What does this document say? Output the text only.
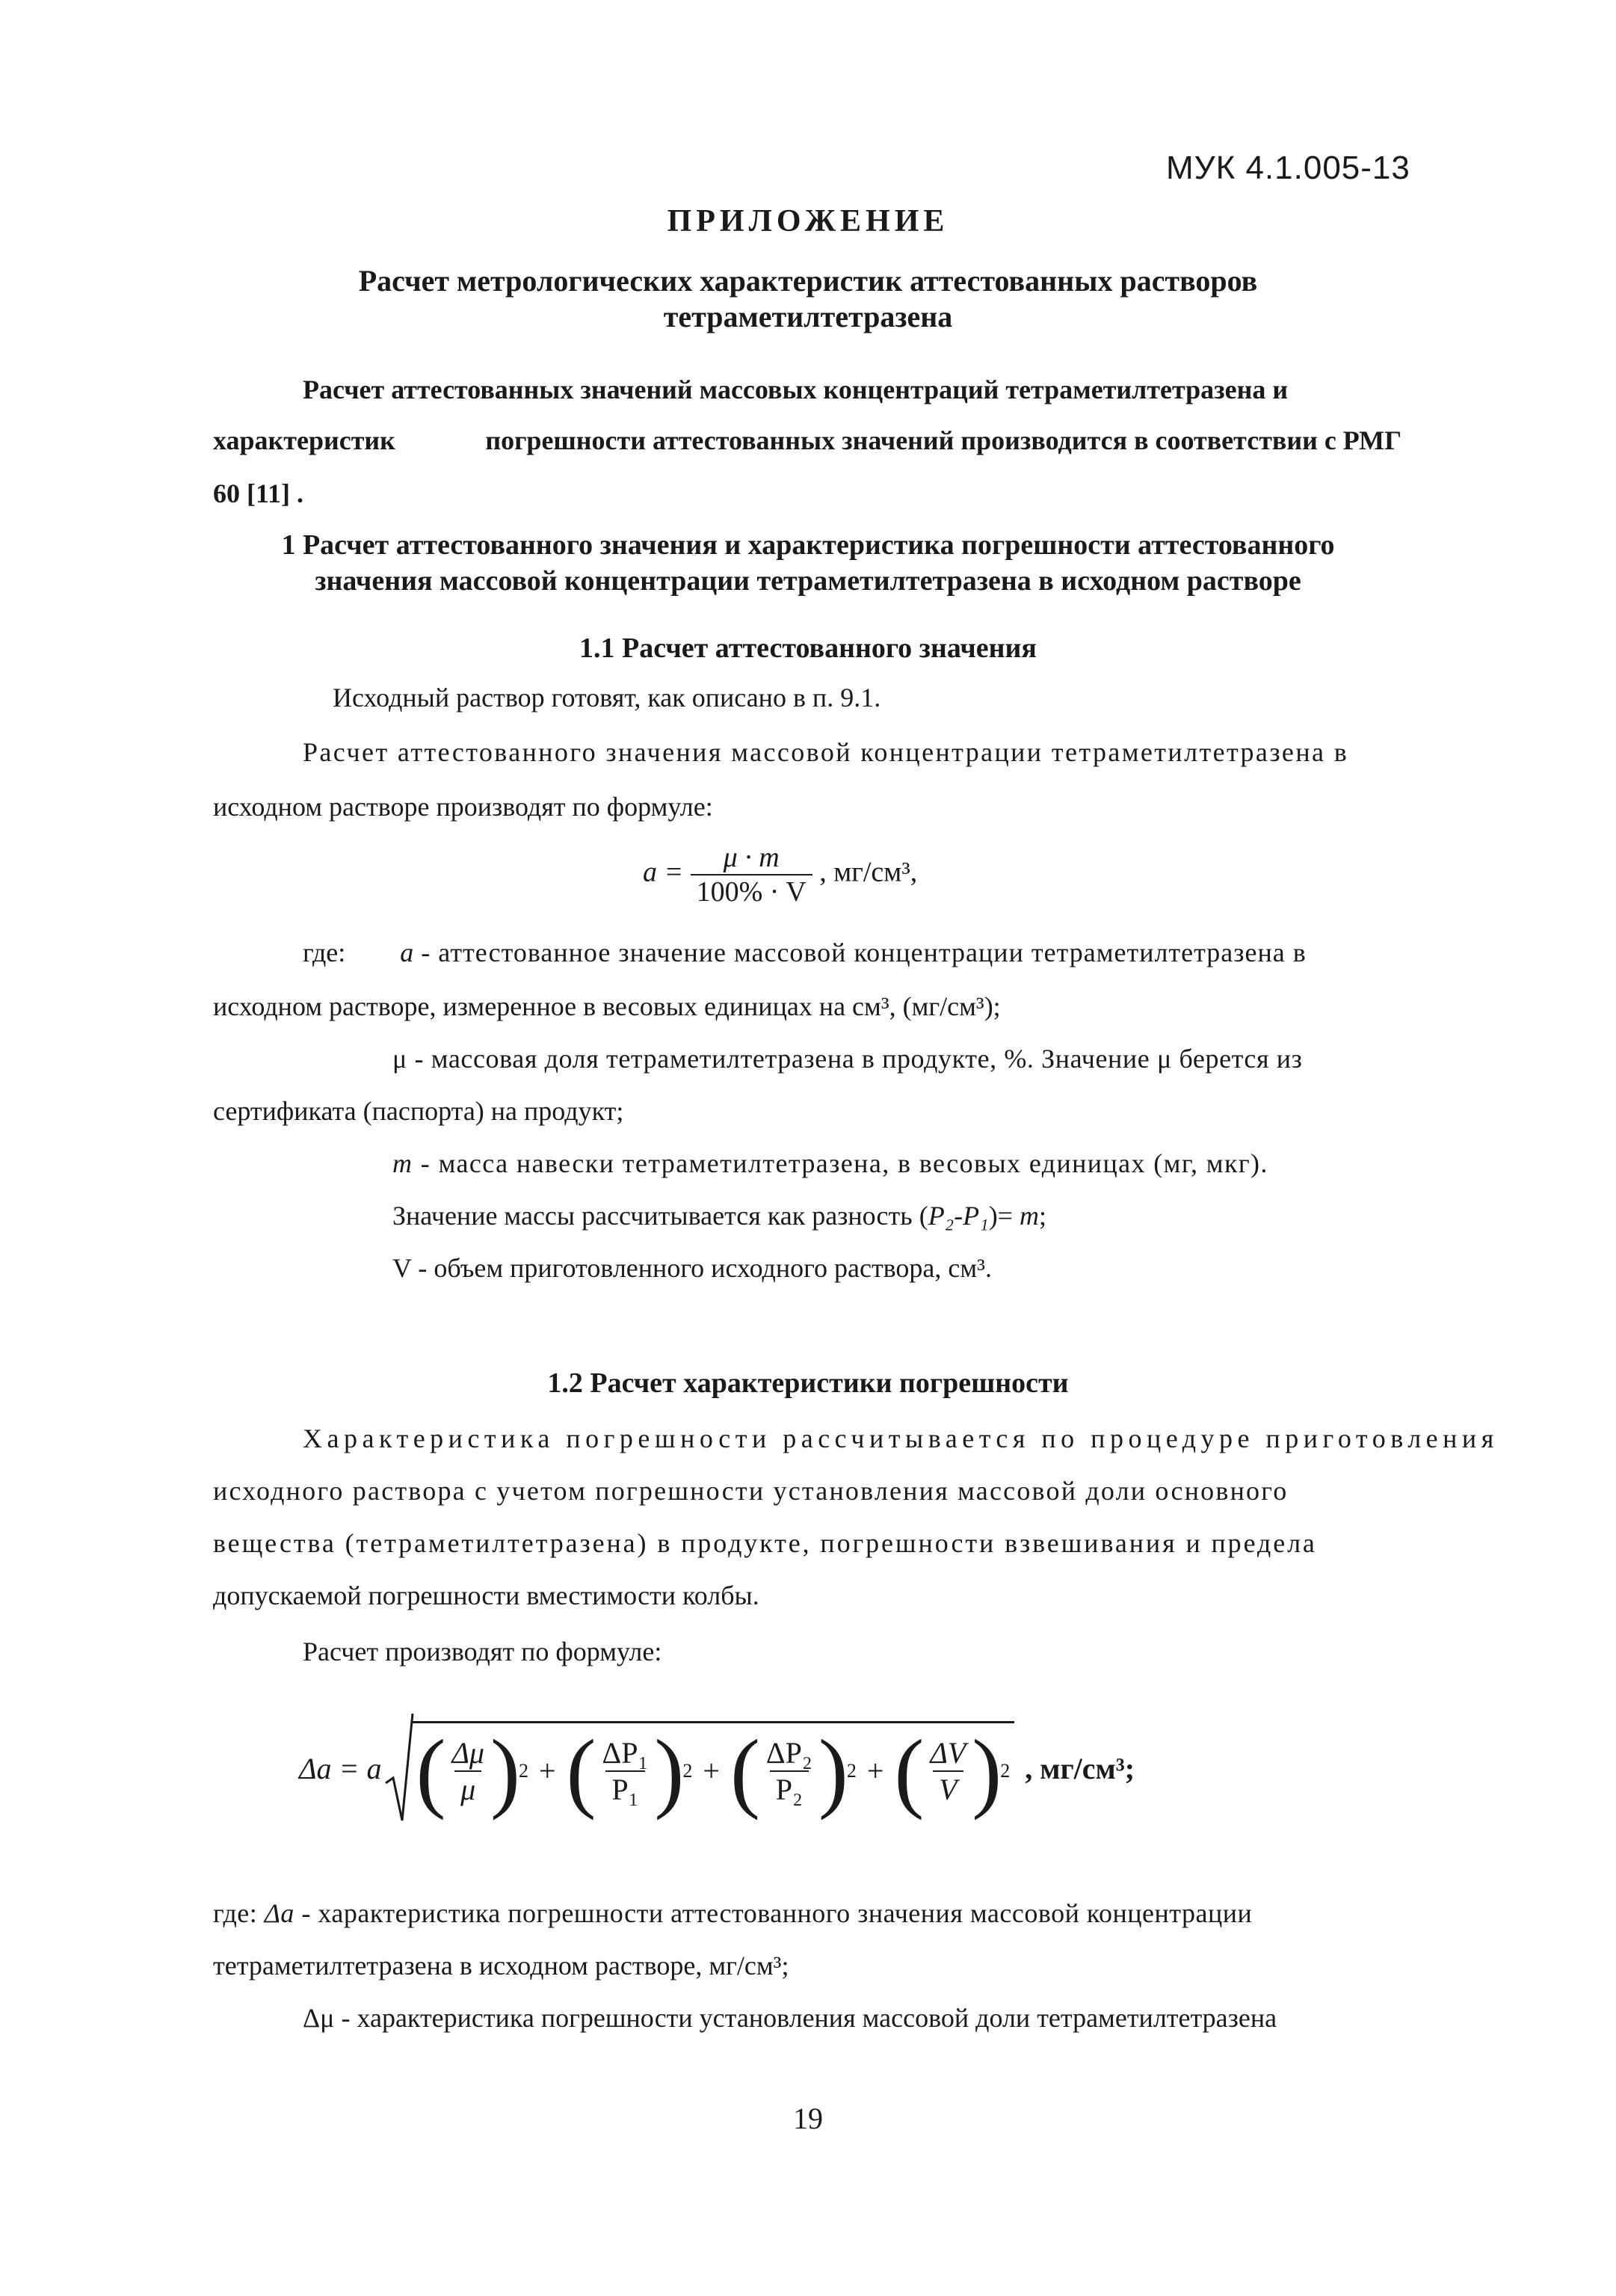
МУК 4.1.005-13
ПРИЛОЖЕНИЕ
Расчет метрологических характеристик аттестованных растворов
тетраметилтетразена
Расчет аттестованных значений массовых концентраций тетраметилтетразена и
характеристик	погрешности аттестованных значений производится в соответствии с РМГ
60 [11] .
1 Расчет аттестованного значения и характеристика погрешности аттестованного
значения массовой концентрации тетраметилтетразена в исходном растворе
1.1 Расчет аттестованного значения
Исходный раствор готовят, как описано в п. 9.1.
Расчет аттестованного значения массовой концентрации тетраметилтетразена в
исходном растворе производят по формуле:
$a = \frac{\mu \cdot m}{100\% \cdot V}$ , мг/см³,
где: a - аттестованное значение массовой концентрации тетраметилтетразена в
исходном растворе, измеренное в весовых единицах на см³, (мг/см³);
μ - массовая доля тетраметилтетразена в продукте, %. Значение μ берется из
сертификата (паспорта) на продукт;
m - масса навески тетраметилтетразена, в весовых единицах (мг, мкг).
Значение массы рассчитывается как разность (P₂-P₁)= m;
V - объем приготовленного исходного раствора, см³.
1.2 Расчет характеристики погрешности
Характеристика погрешности рассчитывается по процедуре приготовления
исходного раствора с учетом погрешности установления массовой доли основного
вещества (тетраметилтетразена) в продукте, погрешности взвешивания и предела
допускаемой погрешности вместимости колбы.
Расчет производят по формуле:
Δa = a ( $\frac{\Delta\mu}{\mu}$ )
2 + ( $\frac{\text{ΔP₁}}{\text{P₁}}$ )
2 + ( $\frac{\text{ΔP₂}}{\text{P₂}}$ )
2 + ( $\frac{\Delta V}{V}$ )
2 , мг/см³;
где: Δa - характеристика погрешности аттестованного значения массовой концентрации
тетраметилтетразена в исходном растворе, мг/см³;
Δμ - характеристика погрешности установления массовой доли тетраметилтетразена
19
